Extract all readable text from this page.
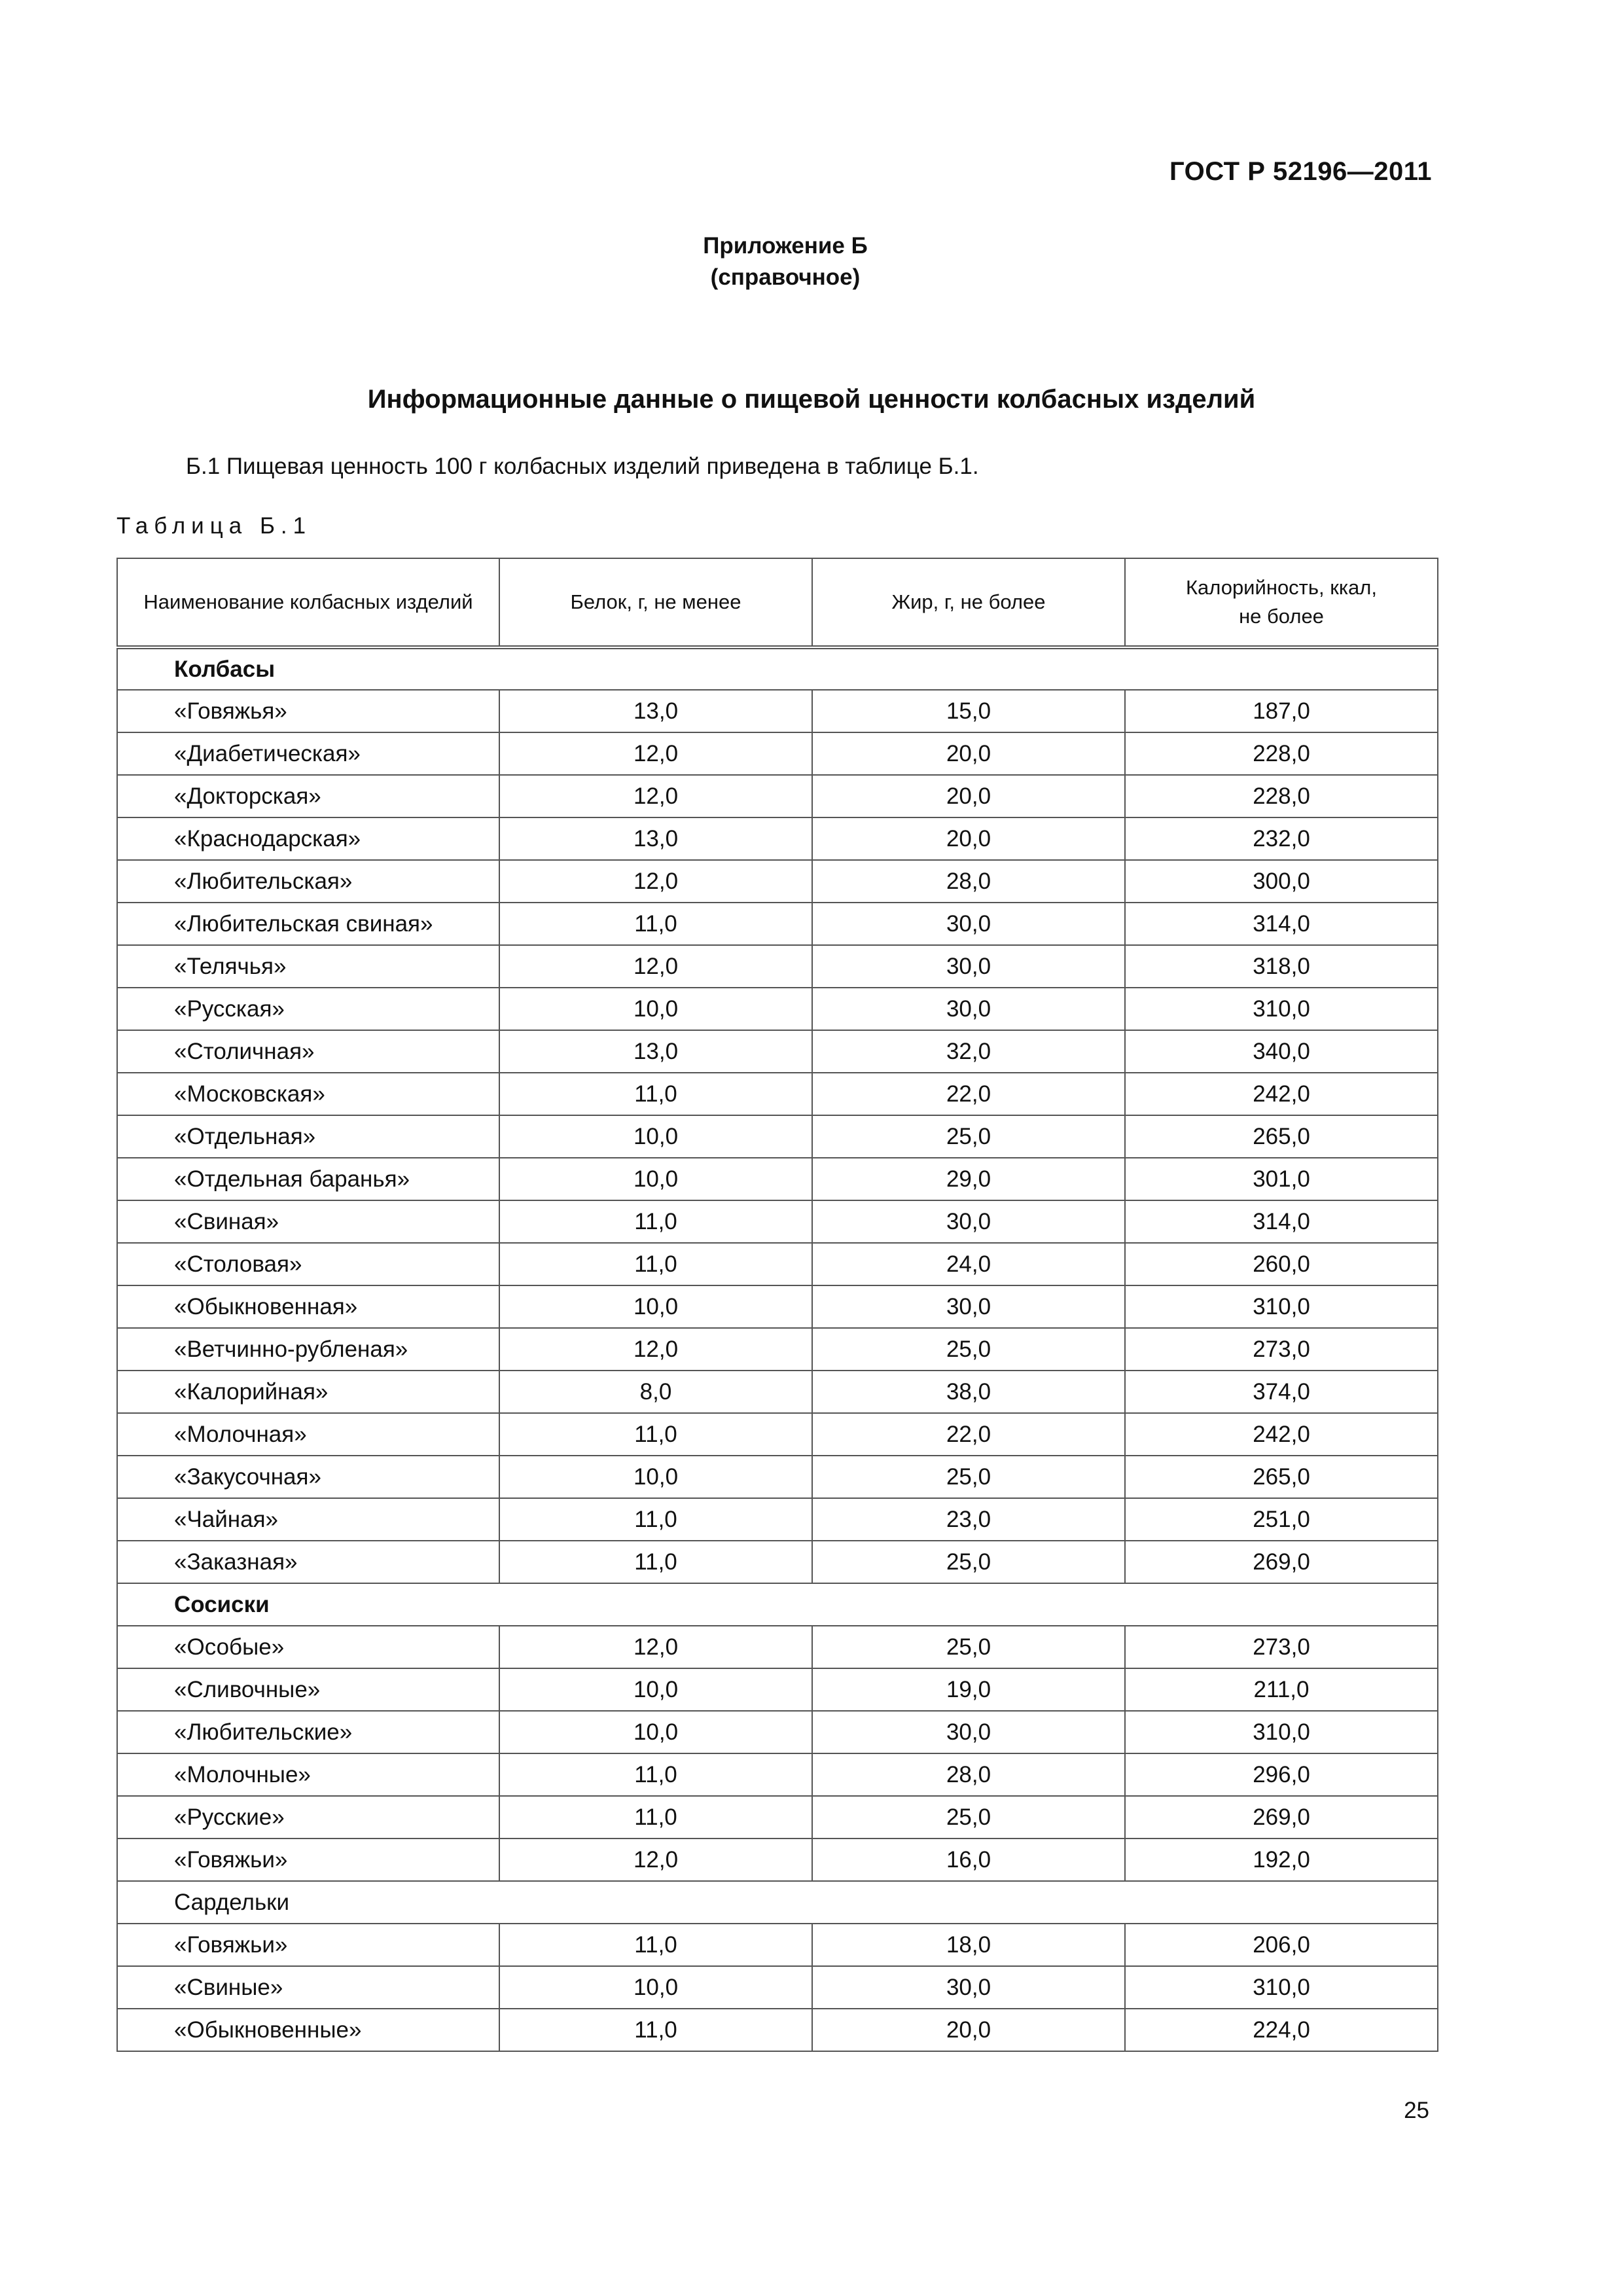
ГОСТ Р 52196—2011
Приложение Б
(справочное)
Информационные данные о пищевой ценности колбасных изделий
Б.1 Пищевая ценность 100 г колбасных изделий приведена в таблице Б.1.
Таблица Б.1
Наименование колбасных изделий	Белок, г, не менее	Жир, г, не более	Калорийность, ккал,
не более

Колбасы			
«Говяжья»	13,0	15,0	187,0
«Диабетическая»	12,0	20,0	228,0
«Докторская»	12,0	20,0	228,0
«Краснодарская»	13,0	20,0	232,0
«Любительская»	12,0	28,0	300,0
«Любительская свиная»	11,0	30,0	314,0
«Телячья»	12,0	30,0	318,0
«Русская»	10,0	30,0	310,0
«Столичная»	13,0	32,0	340,0
«Московская»	11,0	22,0	242,0
«Отдельная»	10,0	25,0	265,0
«Отдельная баранья»	10,0	29,0	301,0
«Свиная»	11,0	30,0	314,0
«Столовая»	11,0	24,0	260,0
«Обыкновенная»	10,0	30,0	310,0
«Ветчинно-рубленая»	12,0	25,0	273,0
«Калорийная»	8,0	38,0	374,0
«Молочная»	11,0	22,0	242,0
«Закусочная»	10,0	25,0	265,0
«Чайная»	11,0	23,0	251,0
«Заказная»	11,0	25,0	269,0
Сосиски			
«Особые»	12,0	25,0	273,0
«Сливочные»	10,0	19,0	211,0
«Любительские»	10,0	30,0	310,0
«Молочные»	11,0	28,0	296,0
«Русские»	11,0	25,0	269,0
«Говяжьи»	12,0	16,0	192,0
Сардельки			
«Говяжьи»	11,0	18,0	206,0
«Свиные»	10,0	30,0	310,0
«Обыкновенные»	11,0	20,0	224,0
25
